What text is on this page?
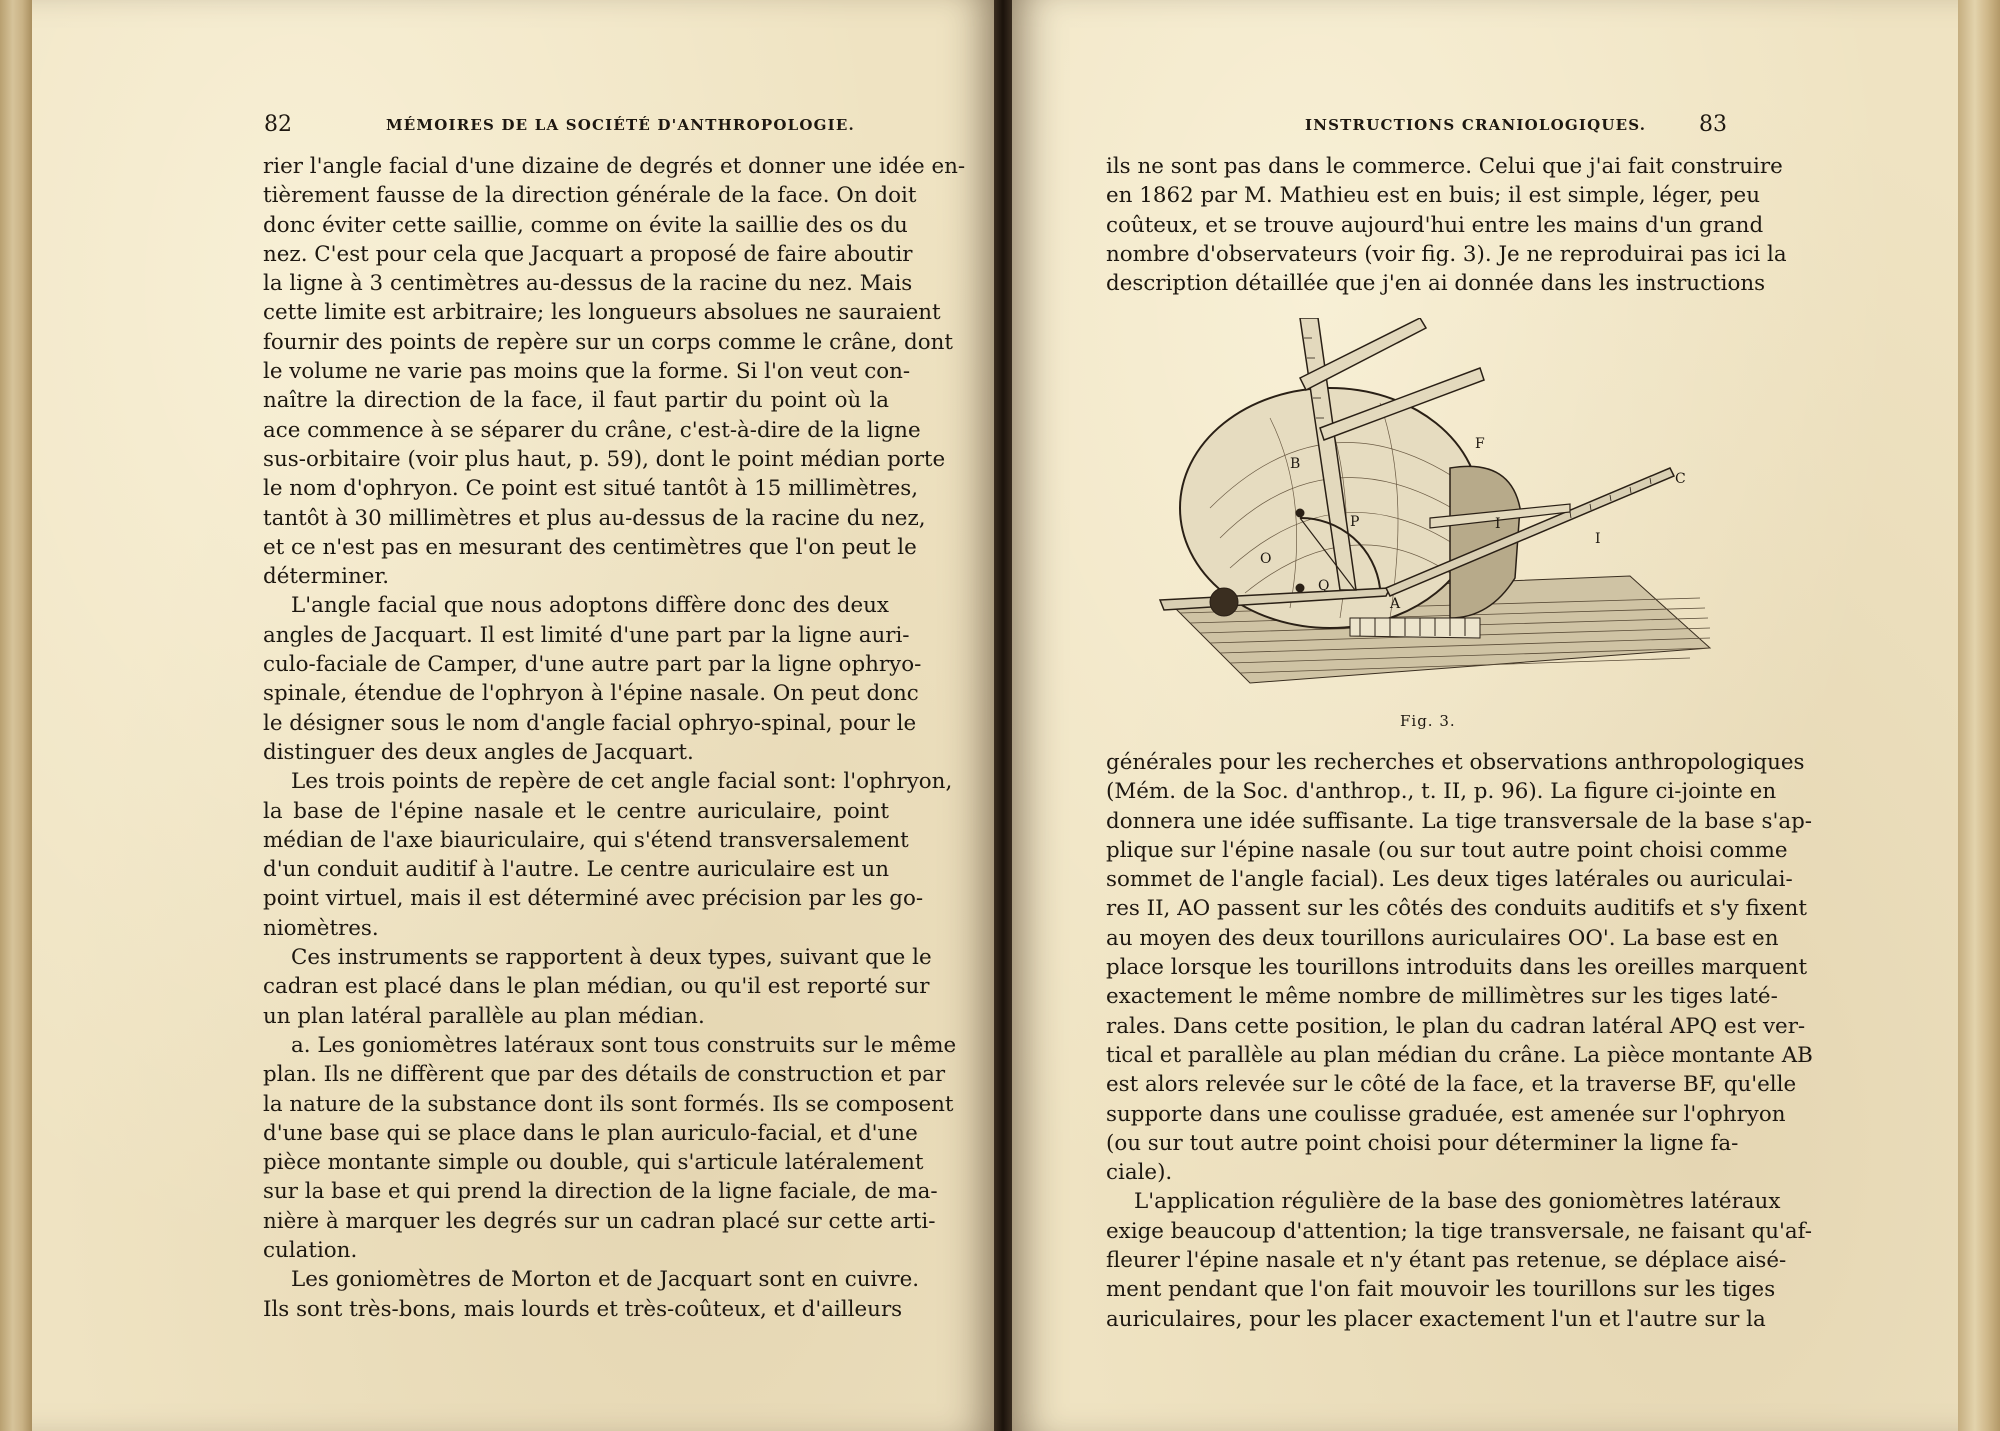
82	MÉMOIRES DE LA SOCIÉTÉ D'ANTHROPOLOGIE.
rier l'angle facial d'une dizaine de degrés et donner une idée en-
tièrement fausse de la direction générale de la face. On doit
donc éviter cette saillie, comme on évite la saillie des os du
nez. C'est pour cela que Jacquart a proposé de faire aboutir
la ligne à 3 centimètres au-dessus de la racine du nez. Mais
cette limite est arbitraire; les longueurs absolues ne sauraient
fournir des points de repère sur un corps comme le crâne, dont
le volume ne varie pas moins que la forme. Si l'on veut con-
naître la direction de la face, il faut partir du point où la
ace commence à se séparer du crâne, c'est-à-dire de la ligne
sus-orbitaire (voir plus haut, p. 59), dont le point médian porte
le nom d'ophryon. Ce point est situé tantôt à 15 millimètres,
tantôt à 30 millimètres et plus au-dessus de la racine du nez,
et ce n'est pas en mesurant des centimètres que l'on peut le
déterminer.
L'angle facial que nous adoptons diffère donc des deux
angles de Jacquart. Il est limité d'une part par la ligne auri-
culo-faciale de Camper, d'une autre part par la ligne ophryo-
spinale, étendue de l'ophryon à l'épine nasale. On peut donc
le désigner sous le nom d'angle facial ophryo-spinal, pour le
distinguer des deux angles de Jacquart.
Les trois points de repère de cet angle facial sont: l'ophryon,
la base de l'épine nasale et le centre auriculaire, point
médian de l'axe biauriculaire, qui s'étend transversalement
d'un conduit auditif à l'autre. Le centre auriculaire est un
point virtuel, mais il est déterminé avec précision par les go-
niomètres.
Ces instruments se rapportent à deux types, suivant que le
cadran est placé dans le plan médian, ou qu'il est reporté sur
un plan latéral parallèle au plan médian.
a. Les goniomètres latéraux sont tous construits sur le même
plan. Ils ne diffèrent que par des détails de construction et par
la nature de la substance dont ils sont formés. Ils se composent
d'une base qui se place dans le plan auriculo-facial, et d'une
pièce montante simple ou double, qui s'articule latéralement
sur la base et qui prend la direction de la ligne faciale, de ma-
nière à marquer les degrés sur un cadran placé sur cette arti-
culation.
Les goniomètres de Morton et de Jacquart sont en cuivre.
Ils sont très-bons, mais lourds et très-coûteux, et d'ailleurs
INSTRUCTIONS CRANIOLOGIQUES. 83
ils ne sont pas dans le commerce. Celui que j'ai fait construire
en 1862 par M. Mathieu est en buis; il est simple, léger, peu
coûteux, et se trouve aujourd'hui entre les mains d'un grand
nombre d'observateurs (voir fig. 3). Je ne reproduirai pas ici la
description détaillée que j'en ai donnée dans les instructions
générales pour les recherches et observations anthropologiques
(Mém. de la Soc. d'anthrop., t. II, p. 96). La figure ci-jointe en
donnera une idée suffisante. La tige transversale de la base s'ap-
plique sur l'épine nasale (ou sur tout autre point choisi comme
sommet de l'angle facial). Les deux tiges latérales ou auriculai-
res II, AO passent sur les côtés des conduits auditifs et s'y fixent
au moyen des deux tourillons auriculaires OO'. La base est en
place lorsque les tourillons introduits dans les oreilles marquent
exactement le même nombre de millimètres sur les tiges laté-
rales. Dans cette position, le plan du cadran latéral APQ est ver-
tical et parallèle au plan médian du crâne. La pièce montante AB
est alors relevée sur le côté de la face, et la traverse BF, qu'elle
supporte dans une coulisse graduée, est amenée sur l'ophryon
(ou sur tout autre point choisi pour déterminer la ligne fa-
ciale).
L'application régulière de la base des goniomètres latéraux
exige beaucoup d'attention; la tige transversale, ne faisant qu'af-
fleurer l'épine nasale et n'y étant pas retenue, se déplace aisé-
ment pendant que l'on fait mouvoir les tourillons sur les tiges
auriculaires, pour les placer exactement l'un et l'autre sur la
B
F
C
I
I
O
P
Q
A
Fig. 3.
